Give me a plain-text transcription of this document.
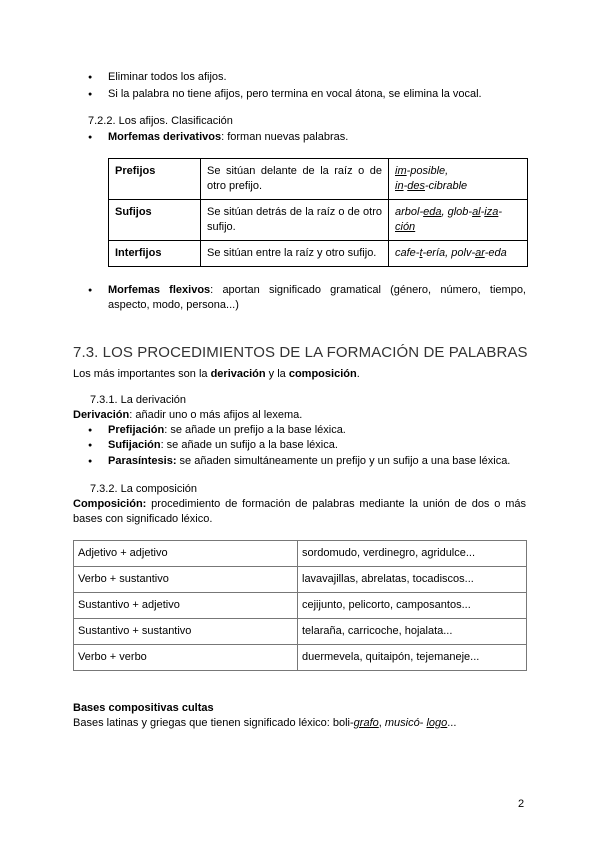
● Eliminar todos los afijos.
● Si la palabra no tiene afijos, pero termina en vocal átona, se elimina la vocal.
7.2.2. Los afijos. Clasificación
● Morfemas derivativos: forman nuevas palabras.
Prefijos	Se sitúan delante de la raíz o de otro prefijo.	im-posible,
in-des-cibrable
Sufijos	Se sitúan detrás de la raíz o de otro sufijo.	arbol-eda, glob-al-iza-ción
Interfijos	Se sitúan entre la raíz y otro sufijo.	cafe-t-ería, polv-ar-eda
● Morfemas flexivos: aportan significado gramatical (género, número, tiempo, aspecto, modo, persona...)
7.3. LOS PROCEDIMIENTOS DE LA FORMACIÓN DE PALABRAS
Los más importantes son la derivación y la composición.
7.3.1. La derivación
Derivación: añadir uno o más afijos al lexema.
● Prefijación: se añade un prefijo a la base léxica.
● Sufijación: se añade un sufijo a la base léxica.
● Parasíntesis: se añaden simultáneamente un prefijo y un sufijo a una base léxica.
7.3.2. La composición
Composición: procedimiento de formación de palabras mediante la unión de dos o más bases con significado léxico.
Adjetivo + adjetivo	sordomudo, verdinegro, agridulce...
Verbo + sustantivo	lavavajillas, abrelatas, tocadiscos...
Sustantivo + adjetivo	cejijunto, pelicorto, camposantos...
Sustantivo + sustantivo	telaraña, carricoche, hojalata...
Verbo + verbo	duermevela, quitaipón, tejemaneje...
Bases compositivas cultas
Bases latinas y griegas que tienen significado léxico: boli-grafo, musicó- logo...
2
